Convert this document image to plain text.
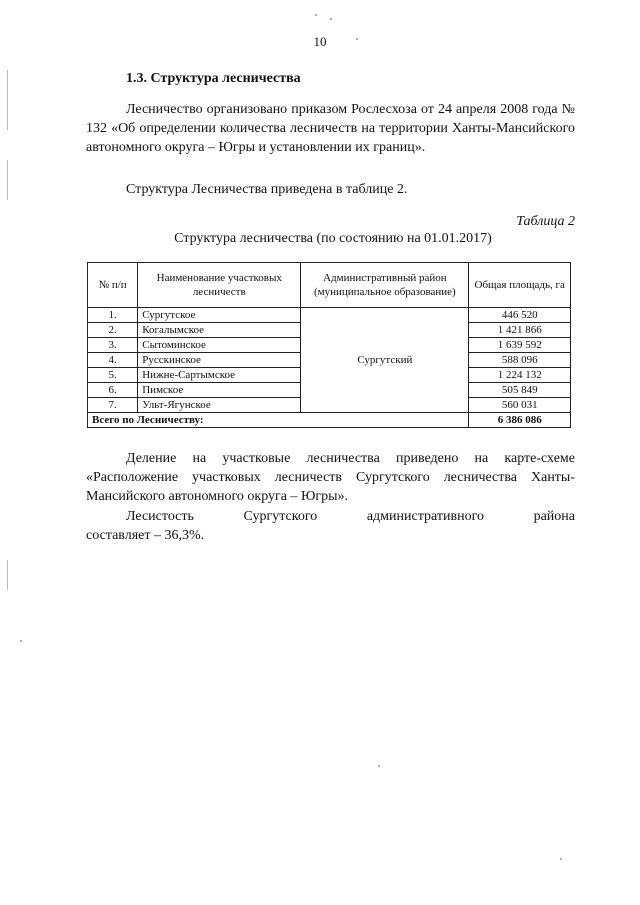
10
1.3. Структура лесничества
Лесничество организовано приказом Рослесхоза от 24 апреля 2008 года № 132 «Об определении количества лесничеств на территории Ханты-Мансийского автономного округа – Югры и установлении их границ».
Структура Лесничества приведена в таблице 2.
Таблица 2
Структура лесничества (по состоянию на 01.01.2017)
№ п/п	Наименование участковых лесничеств	Административный район (муниципальное образование)	Общая площадь, га
1.	Сургутское	Сургутский	446 520
2.	Когалымское		1 421 866
3.	Сытоминское		1 639 592
4.	Русскинское		588 096
5.	Нижне-Сартымское		1 224 132
6.	Пимское		505 849
7.	Ульт-Ягунское		560 031
Всего по Лесничеству:			6 386 086
Деление на участковые лесничества приведено на карте-схеме «Расположение участковых лесничеств Сургутского лесничества Ханты-Мансийского автономного округа – Югры».
Лесистость	Сургутского	административного	района
составляет – 36,3%.
